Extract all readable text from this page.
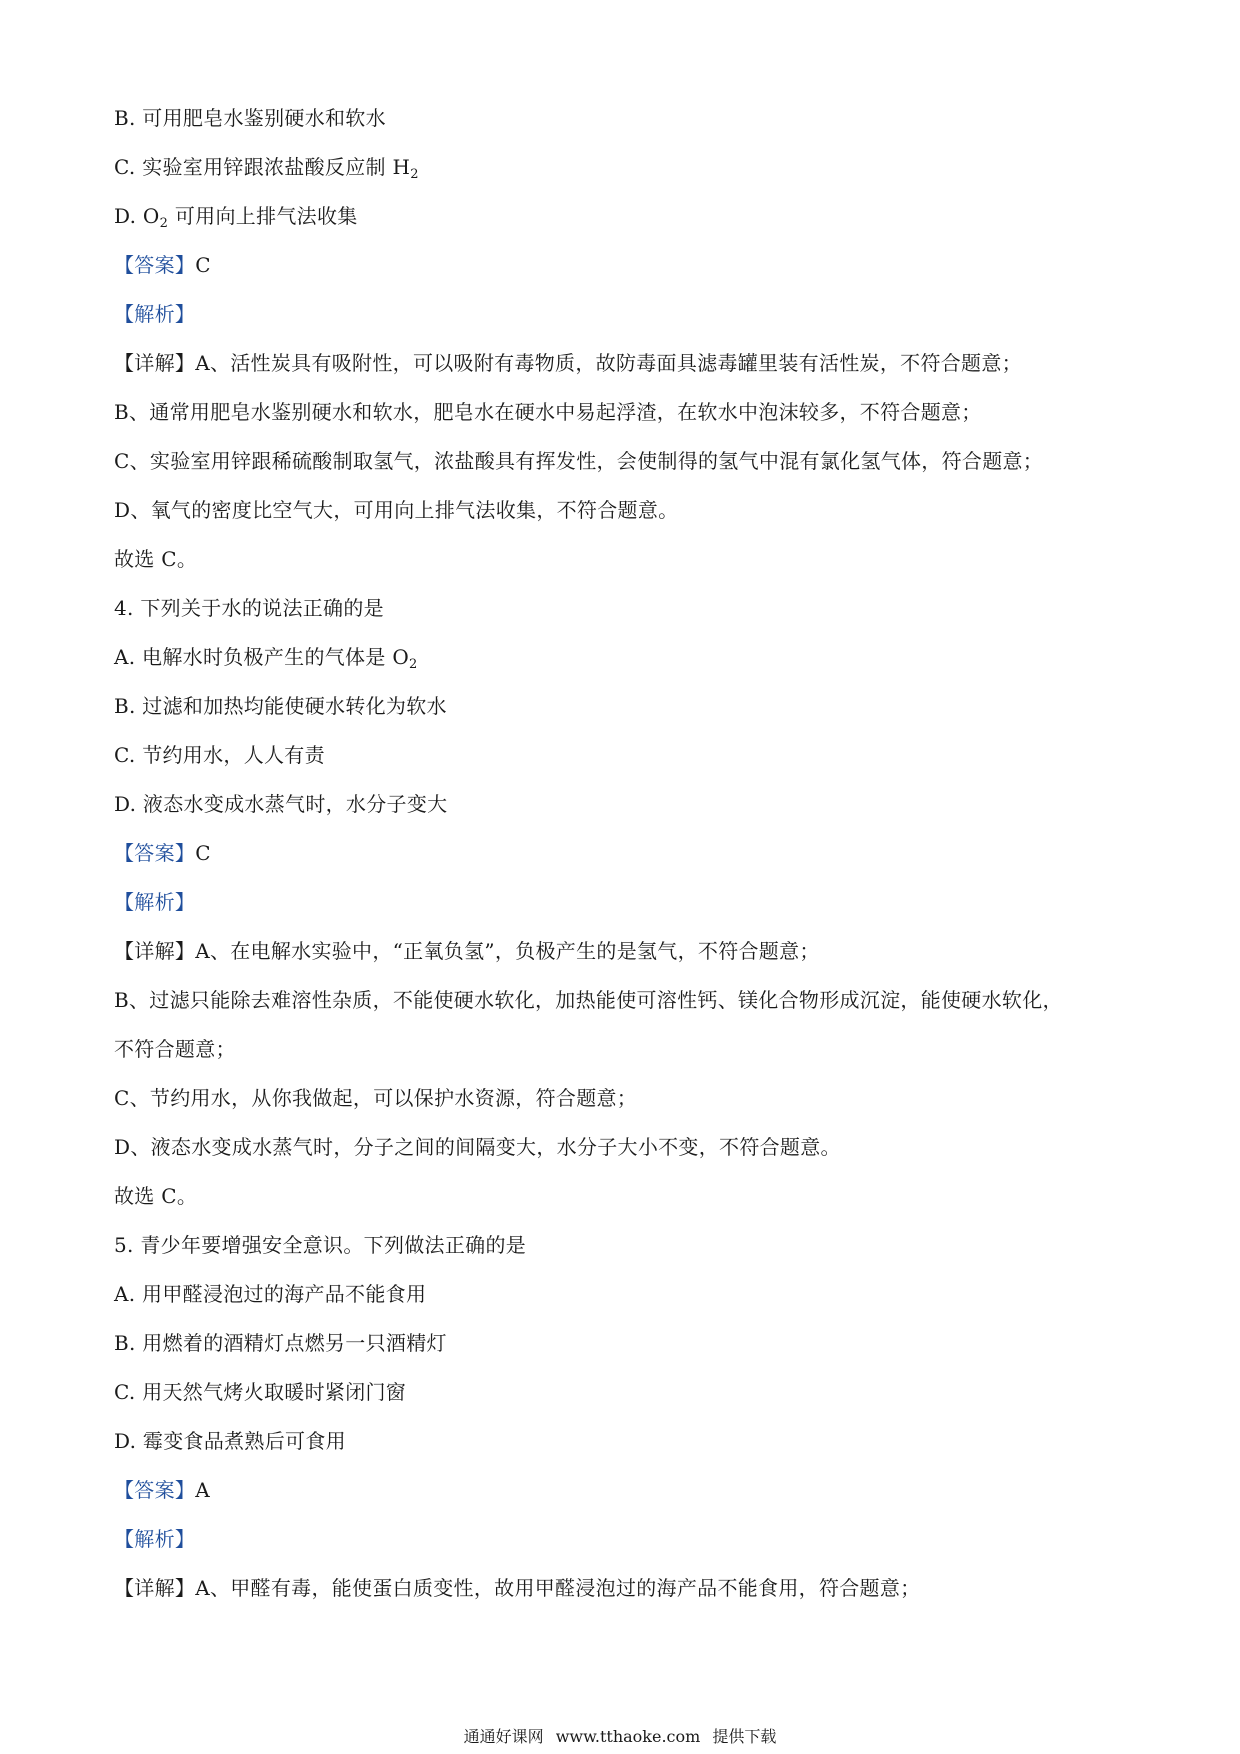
B. 可用肥皂水鉴别硬水和软水
C. 实验室用锌跟浓盐酸反应制 $H_2$
D. $O_2$ 可用向上排气法收集
【答案】C
【解析】
【详解】A、活性炭具有吸附性，可以吸附有毒物质，故防毒面具滤毒罐里装有活性炭，不符合题意；
B、通常用肥皂水鉴别硬水和软水，肥皂水在硬水中易起浮渣，在软水中泡沫较多，不符合题意；
C、实验室用锌跟稀硫酸制取氢气，浓盐酸具有挥发性，会使制得的氢气中混有氯化氢气体，符合题意；
D、氧气的密度比空气大，可用向上排气法收集，不符合题意。
故选 C。
4. 下列关于水的说法正确的是
A. 电解水时负极产生的气体是 $O_2$
B. 过滤和加热均能使硬水转化为软水
C. 节约用水，人人有责
D. 液态水变成水蒸气时，水分子变大
【答案】C
【解析】
【详解】A、在电解水实验中，“正氧负氢”，负极产生的是氢气，不符合题意；
B、过滤只能除去难溶性杂质，不能使硬水软化，加热能使可溶性钙、镁化合物形成沉淀，能使硬水软化，
不符合题意；
C、节约用水，从你我做起，可以保护水资源，符合题意；
D、液态水变成水蒸气时，分子之间的间隔变大，水分子大小不变，不符合题意。
故选 C。
5. 青少年要增强安全意识。下列做法正确的是
A. 用甲醛浸泡过的海产品不能食用
B. 用燃着的酒精灯点燃另一只酒精灯
C. 用天然气烤火取暖时紧闭门窗
D. 霉变食品煮熟后可食用
【答案】A
【解析】
【详解】A、甲醛有毒，能使蛋白质变性，故用甲醛浸泡过的海产品不能食用，符合题意；
通通好课网 www.tthaoke.com 提供下载
